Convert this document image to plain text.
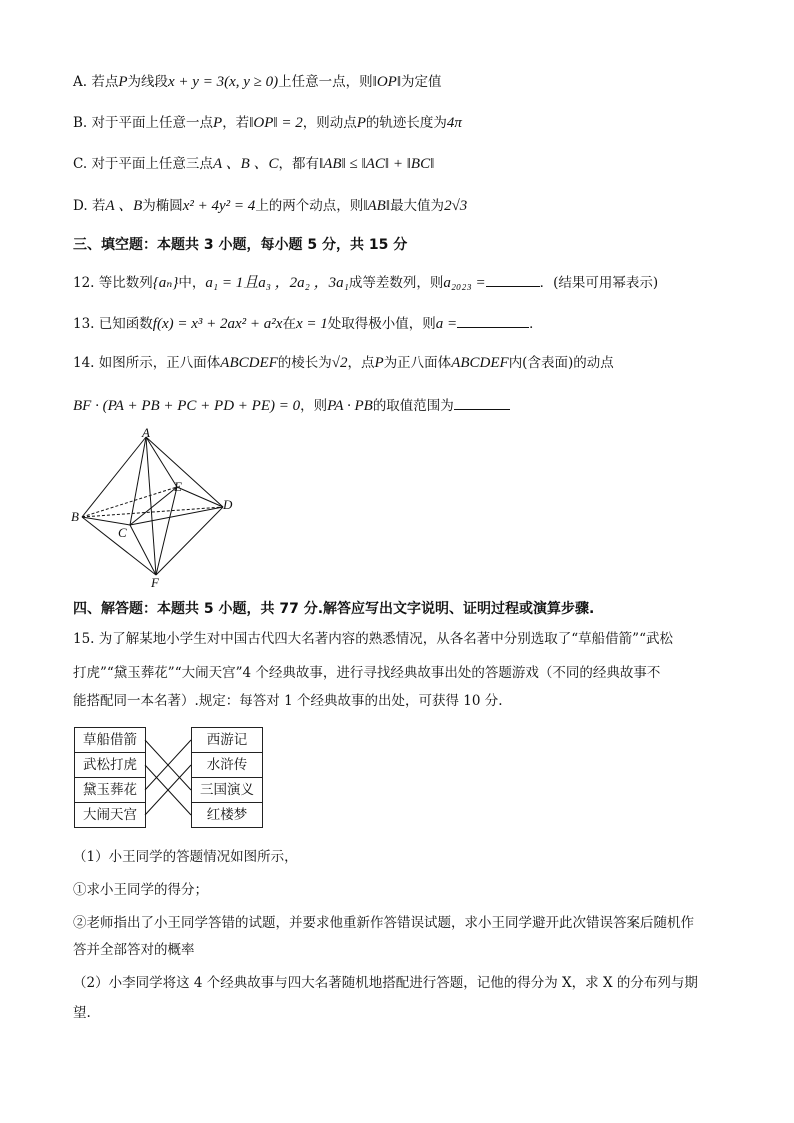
A. 若点P为线段x + y = 3(x, y ≥ 0)上任意一点，则‖OP‖为定值
B. 对于平面上任意一点P，若‖OP‖ = 2，则动点P的轨迹长度为4π
C. 对于平面上任意三点A 、B 、C，都有‖AB‖ ≤ ‖AC‖ + ‖BC‖
D. 若A 、B为椭圆x² + 4y² = 4上的两个动点，则‖AB‖最大值为2√3
三、填空题：本题共 3 小题，每小题 5 分，共 15 分
12. 等比数列{aₙ}中，a₁ = 1且a₃ ，2a₂ ，3a₁成等差数列，则a₂₀₂₃ =	．(结果可用幂表示)
13. 已知函数f(x) = x³ + 2ax² + a²x在x = 1处取得极小值，则a =	．
14. 如图所示，正八面体ABCDEF的棱长为√2，点P为正八面体ABCDEF内(含表面)的动点
BF · (PA + PB + PC + PD + PE) = 0，则PA · PB的取值范围为
A
B
C
D
E
F
四、解答题：本题共 5 小题，共 77 分.解答应写出文字说明、证明过程或演算步骤.
15. 为了解某地小学生对中国古代四大名著内容的熟悉情况，从各名著中分别选取了“草船借箭”“武松
打虎”“黛玉葬花”“大闹天宫”4 个经典故事，进行寻找经典故事出处的答题游戏（不同的经典故事不
能搭配同一本名著）.规定：每答对 1 个经典故事的出处，可获得 10 分.
草船借箭
武松打虎
黛玉葬花
大闹天宫
西游记
水浒传
三国演义
红楼梦
（1）小王同学的答题情况如图所示，
①求小王同学的得分；
②老师指出了小王同学答错的试题，并要求他重新作答错误试题，求小王同学避开此次错误答案后随机作
答并全部答对的概率
（2）小李同学将这 4 个经典故事与四大名著随机地搭配进行答题，记他的得分为 X，求 X 的分布列与期
望.
